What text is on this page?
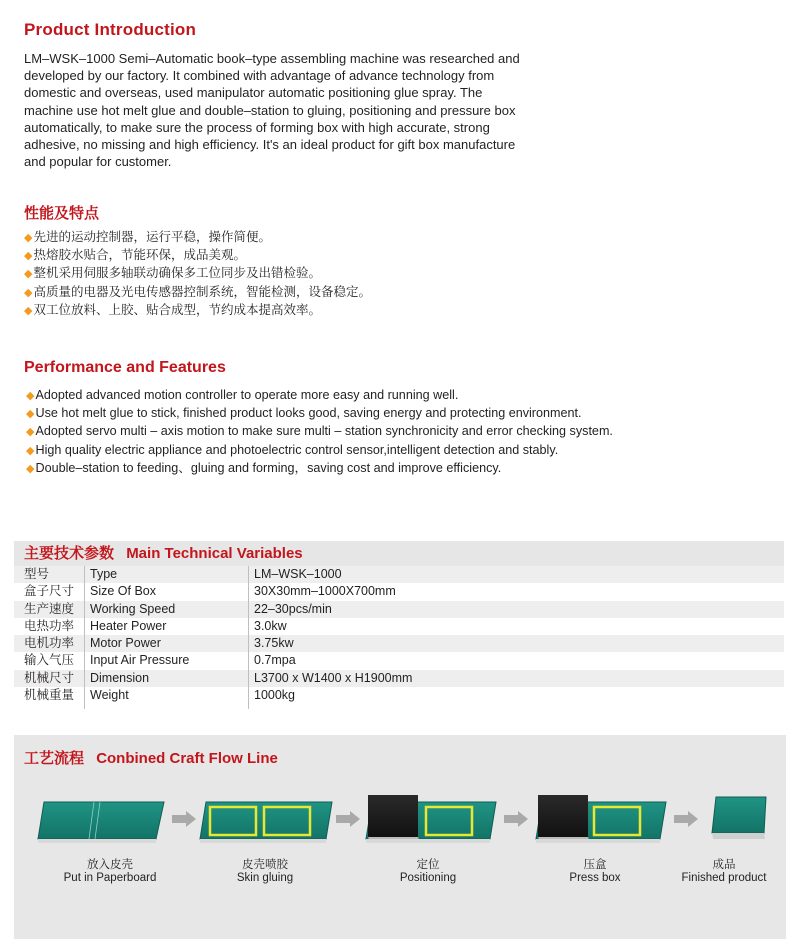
Product Introduction
LM–WSK–1000 Semi–Automatic book–type assembling machine was researched and
developed by our factory. It combined with advantage of advance technology from
domestic and overseas, used manipulator automatic positioning glue spray. The
machine use hot melt glue and double–station to gluing, positioning and pressure box
automatically, to make sure the process of forming box with high accurate, strong
adhesive, no missing and high efficiency. It's an ideal product for gift box manufacture
and popular for customer.
性能及特点
◆先进的运动控制器，运行平稳，操作简便。
◆热熔胶水贴合，节能环保，成品美观。
◆整机采用伺服多轴联动确保多工位同步及出错检验。
◆高质量的电器及光电传感器控制系统，智能检测，设备稳定。
◆双工位放料、上胶、贴合成型，节约成本提高效率。
Performance and Features
◆Adopted advanced motion controller to operate more easy and running well.
◆Use hot melt glue to stick, finished product looks good, saving energy and protecting environment.
◆Adopted servo multi – axis motion to make sure multi – station synchronicity and error checking system.
◆High quality electric appliance and photoelectric control sensor,intelligent detection and stably.
◆Double–station to feeding、gluing and forming，saving cost and improve efficiency.
主要技术参数 Main Technical Variables
型号	Type	LM–WSK–1000
盒子尺寸 Size Of Box	30X30mm–1000X700mm
生产速度 Working Speed	22–30pcs/min
电热功率 Heater Power	3.0kw
电机功率 Motor Power	3.75kw
输入气压 Input Air Pressure	0.7mpa
机械尺寸 Dimension	L3700 x W1400 x H1900mm
机械重量 Weight	1000kg
工艺流程 Conbined Craft Flow Line
放入皮壳
Put in Paperboard
皮壳喷胶
Skin gluing
定位
Positioning
压盒
Press box
成品
Finished product
